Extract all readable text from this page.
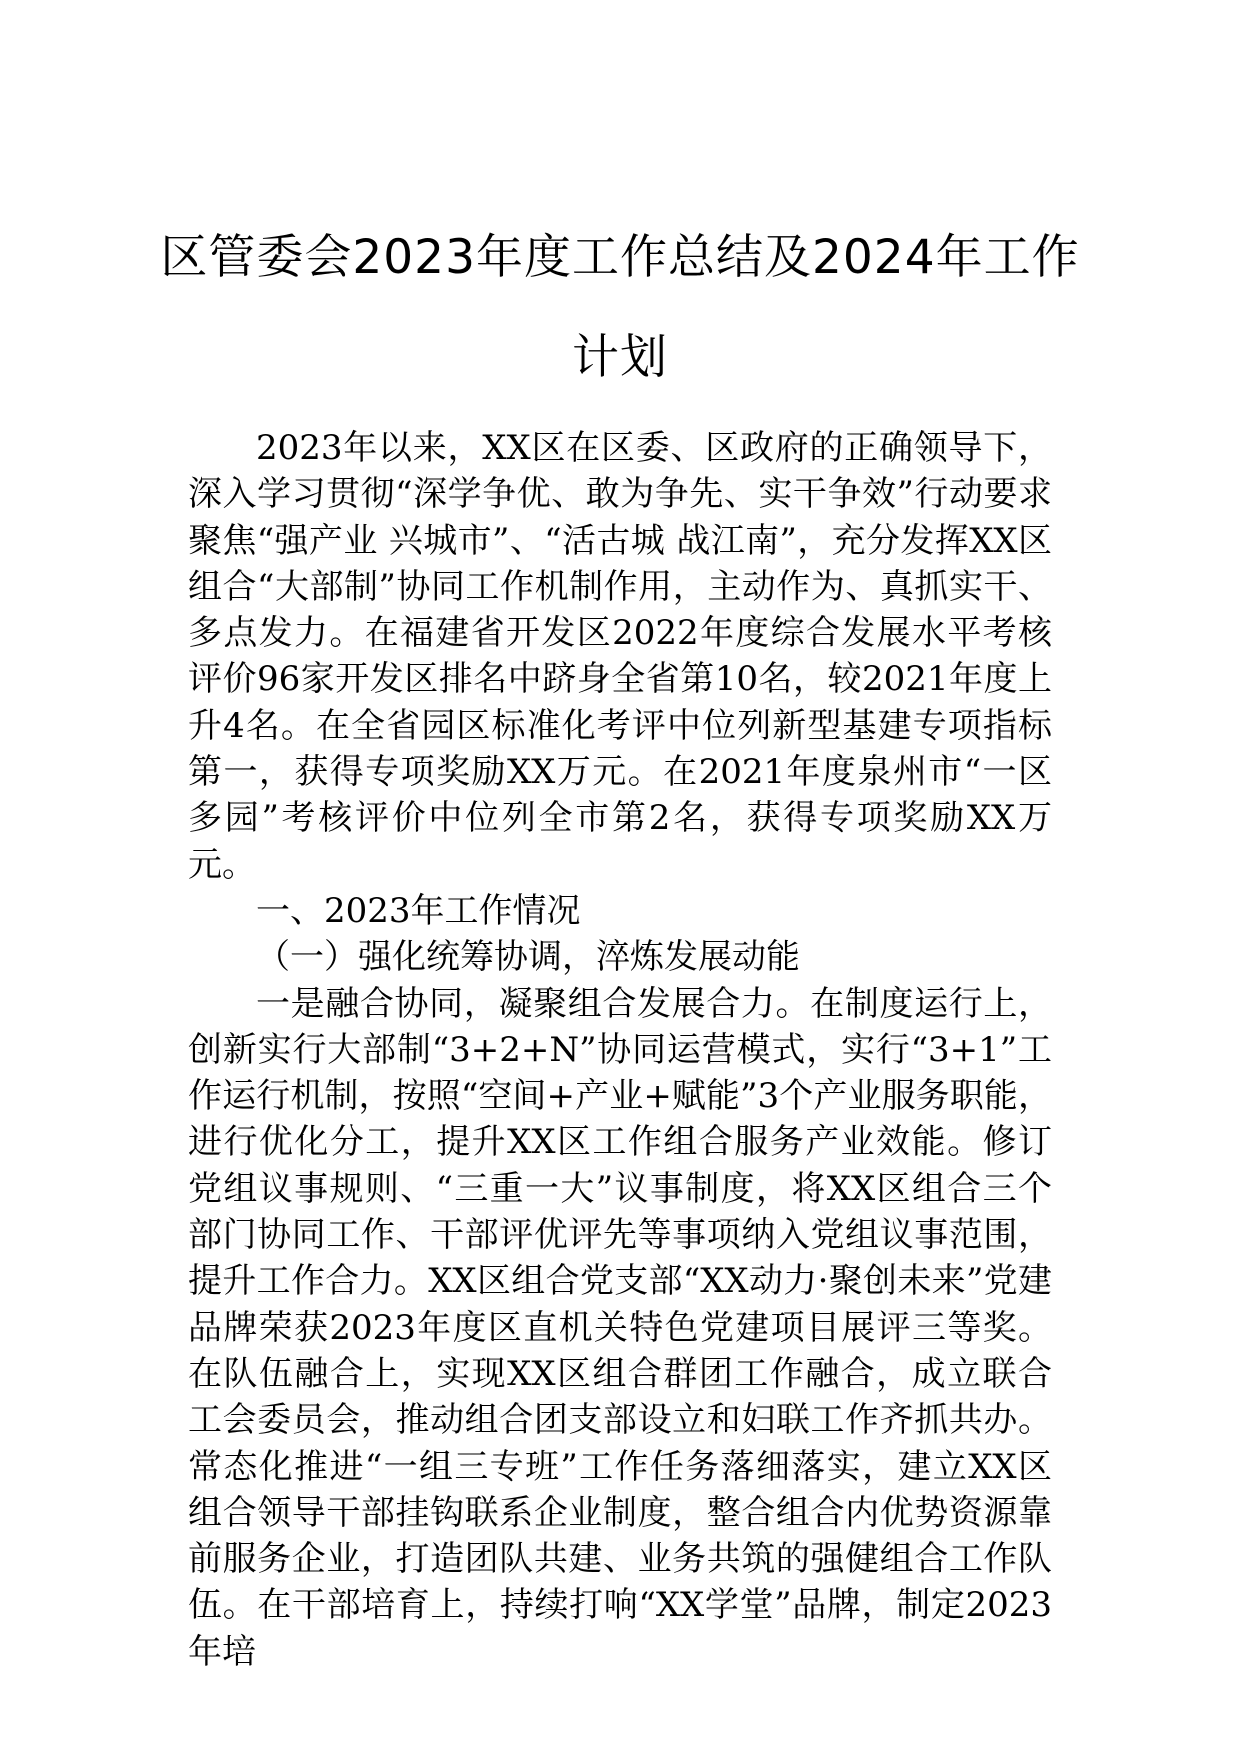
区管委会2023年度工作总结及2024年工作
计划

2023年以来，XX区在区委、区政府的正确领导下，深入学习贯彻“深学争优、敢为争先、实干争效”行动要求聚焦“强产业 兴城市”、“活古城 战江南”，充分发挥XX区组合“大部制”协同工作机制作用，主动作为、真抓实干、多点发力。在福建省开发区2022年度综合发展水平考核评价96家开发区排名中跻身全省第10名，较2021年度上升4名。在全省园区标准化考评中位列新型基建专项指标第一，获得专项奖励XX万元。在2021年度泉州市“一区多园”考核评价中位列全市第2名，获得专项奖励XX万元。

一、2023年工作情况

（一）强化统筹协调，淬炼发展动能

一是融合协同，凝聚组合发展合力。在制度运行上，创新实行大部制“3+2+N”协同运营模式，实行“3+1”工作运行机制，按照“空间+产业+赋能”3个产业服务职能，进行优化分工，提升XX区工作组合服务产业效能。修订党组议事规则、“三重一大”议事制度，将XX区组合三个部门协同工作、干部评优评先等事项纳入党组议事范围，提升工作合力。XX区组合党支部“XX动力·聚创未来”党建品牌荣获2023年度区直机关特色党建项目展评三等奖。在队伍融合上，实现XX区组合群团工作融合，成立联合工会委员会，推动组合团支部设立和妇联工作齐抓共办。常态化推进“一组三专班”工作任务落细落实，建立XX区组合领导干部挂钩联系企业制度，整合组合内优势资源靠前服务企业，打造团队共建、业务共筑的强健组合工作队伍。在干部培育上，持续打响“XX学堂”品牌，制定2023年培
